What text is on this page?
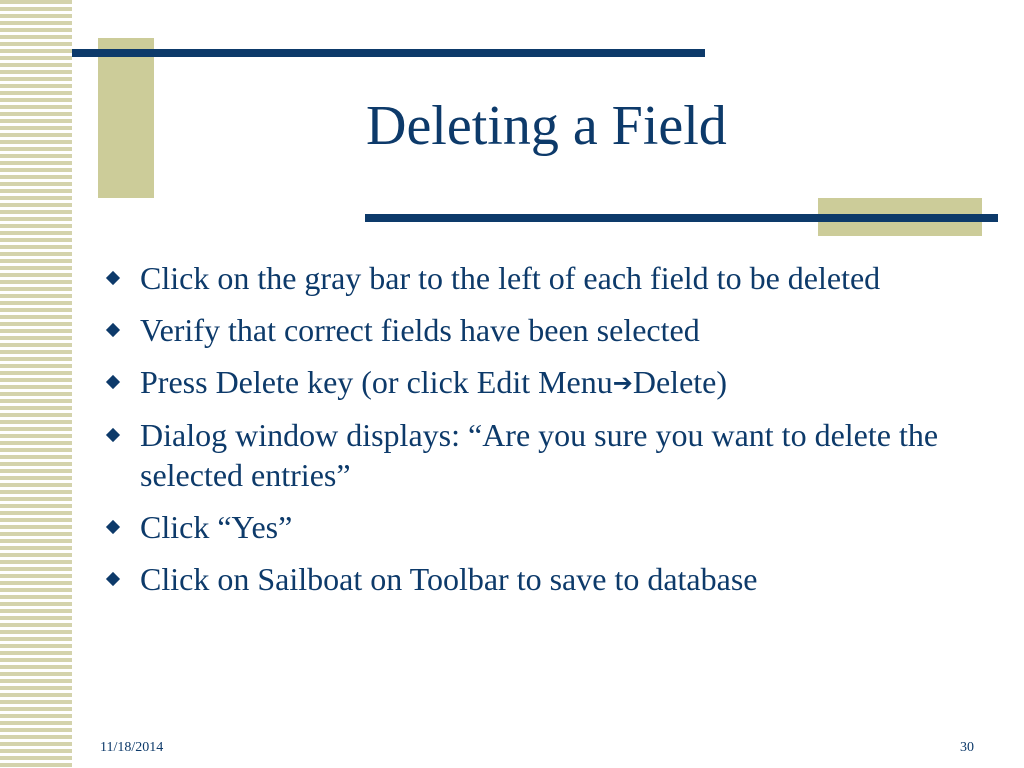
Deleting a Field
Click on the gray bar to the left of each field to be deleted
Verify that correct fields have been selected
Press Delete key (or click Edit Menu➔Delete)
Dialog window displays: “Are you sure you want to delete the selected entries”
Click “Yes”
Click on Sailboat on Toolbar to save to database
11/18/2014	30
